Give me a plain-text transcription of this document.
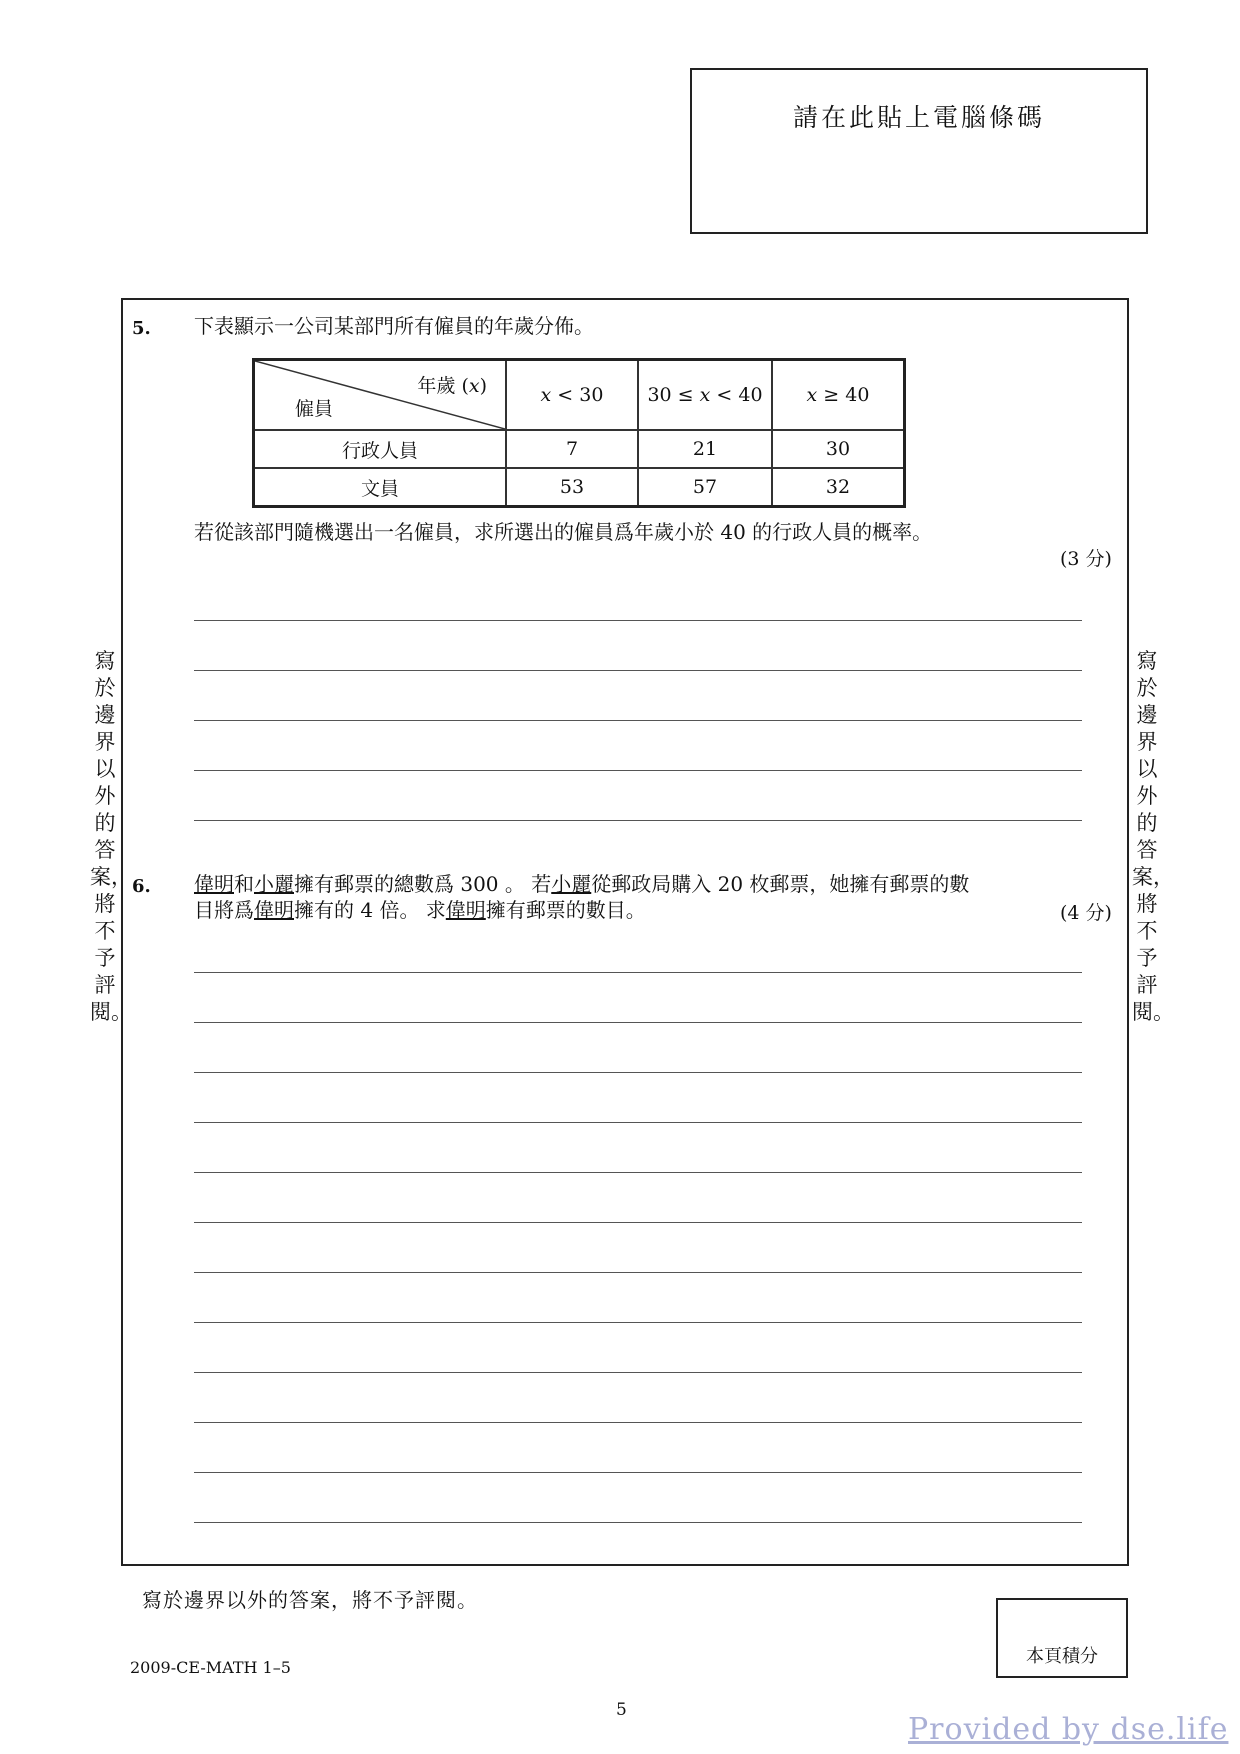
請在此貼上電腦條碼
寫於邊界以外的答案，將不予評閱。
寫於邊界以外的答案，將不予評閱。
5. 下表顯示一公司某部門所有僱員的年歲分佈。
年歲 (x)
僱員	x < 30	30 ≤ x < 40	x ≥ 40
行政人員	7	21	30
文員	53	57	32
若從該部門隨機選出一名僱員，求所選出的僱員爲年歲小於 40 的行政人員的概率。
(3 分)
6. 偉明和小麗擁有郵票的總數爲 300 。 若小麗從郵政局購入 20 枚郵票，她擁有郵票的數
目將爲偉明擁有的 4 倍。 求偉明擁有郵票的數目。	(4 分)
寫於邊界以外的答案，將不予評閱。
本頁積分
2009-CE-MATH 1–5
5
Provided by dse.life
